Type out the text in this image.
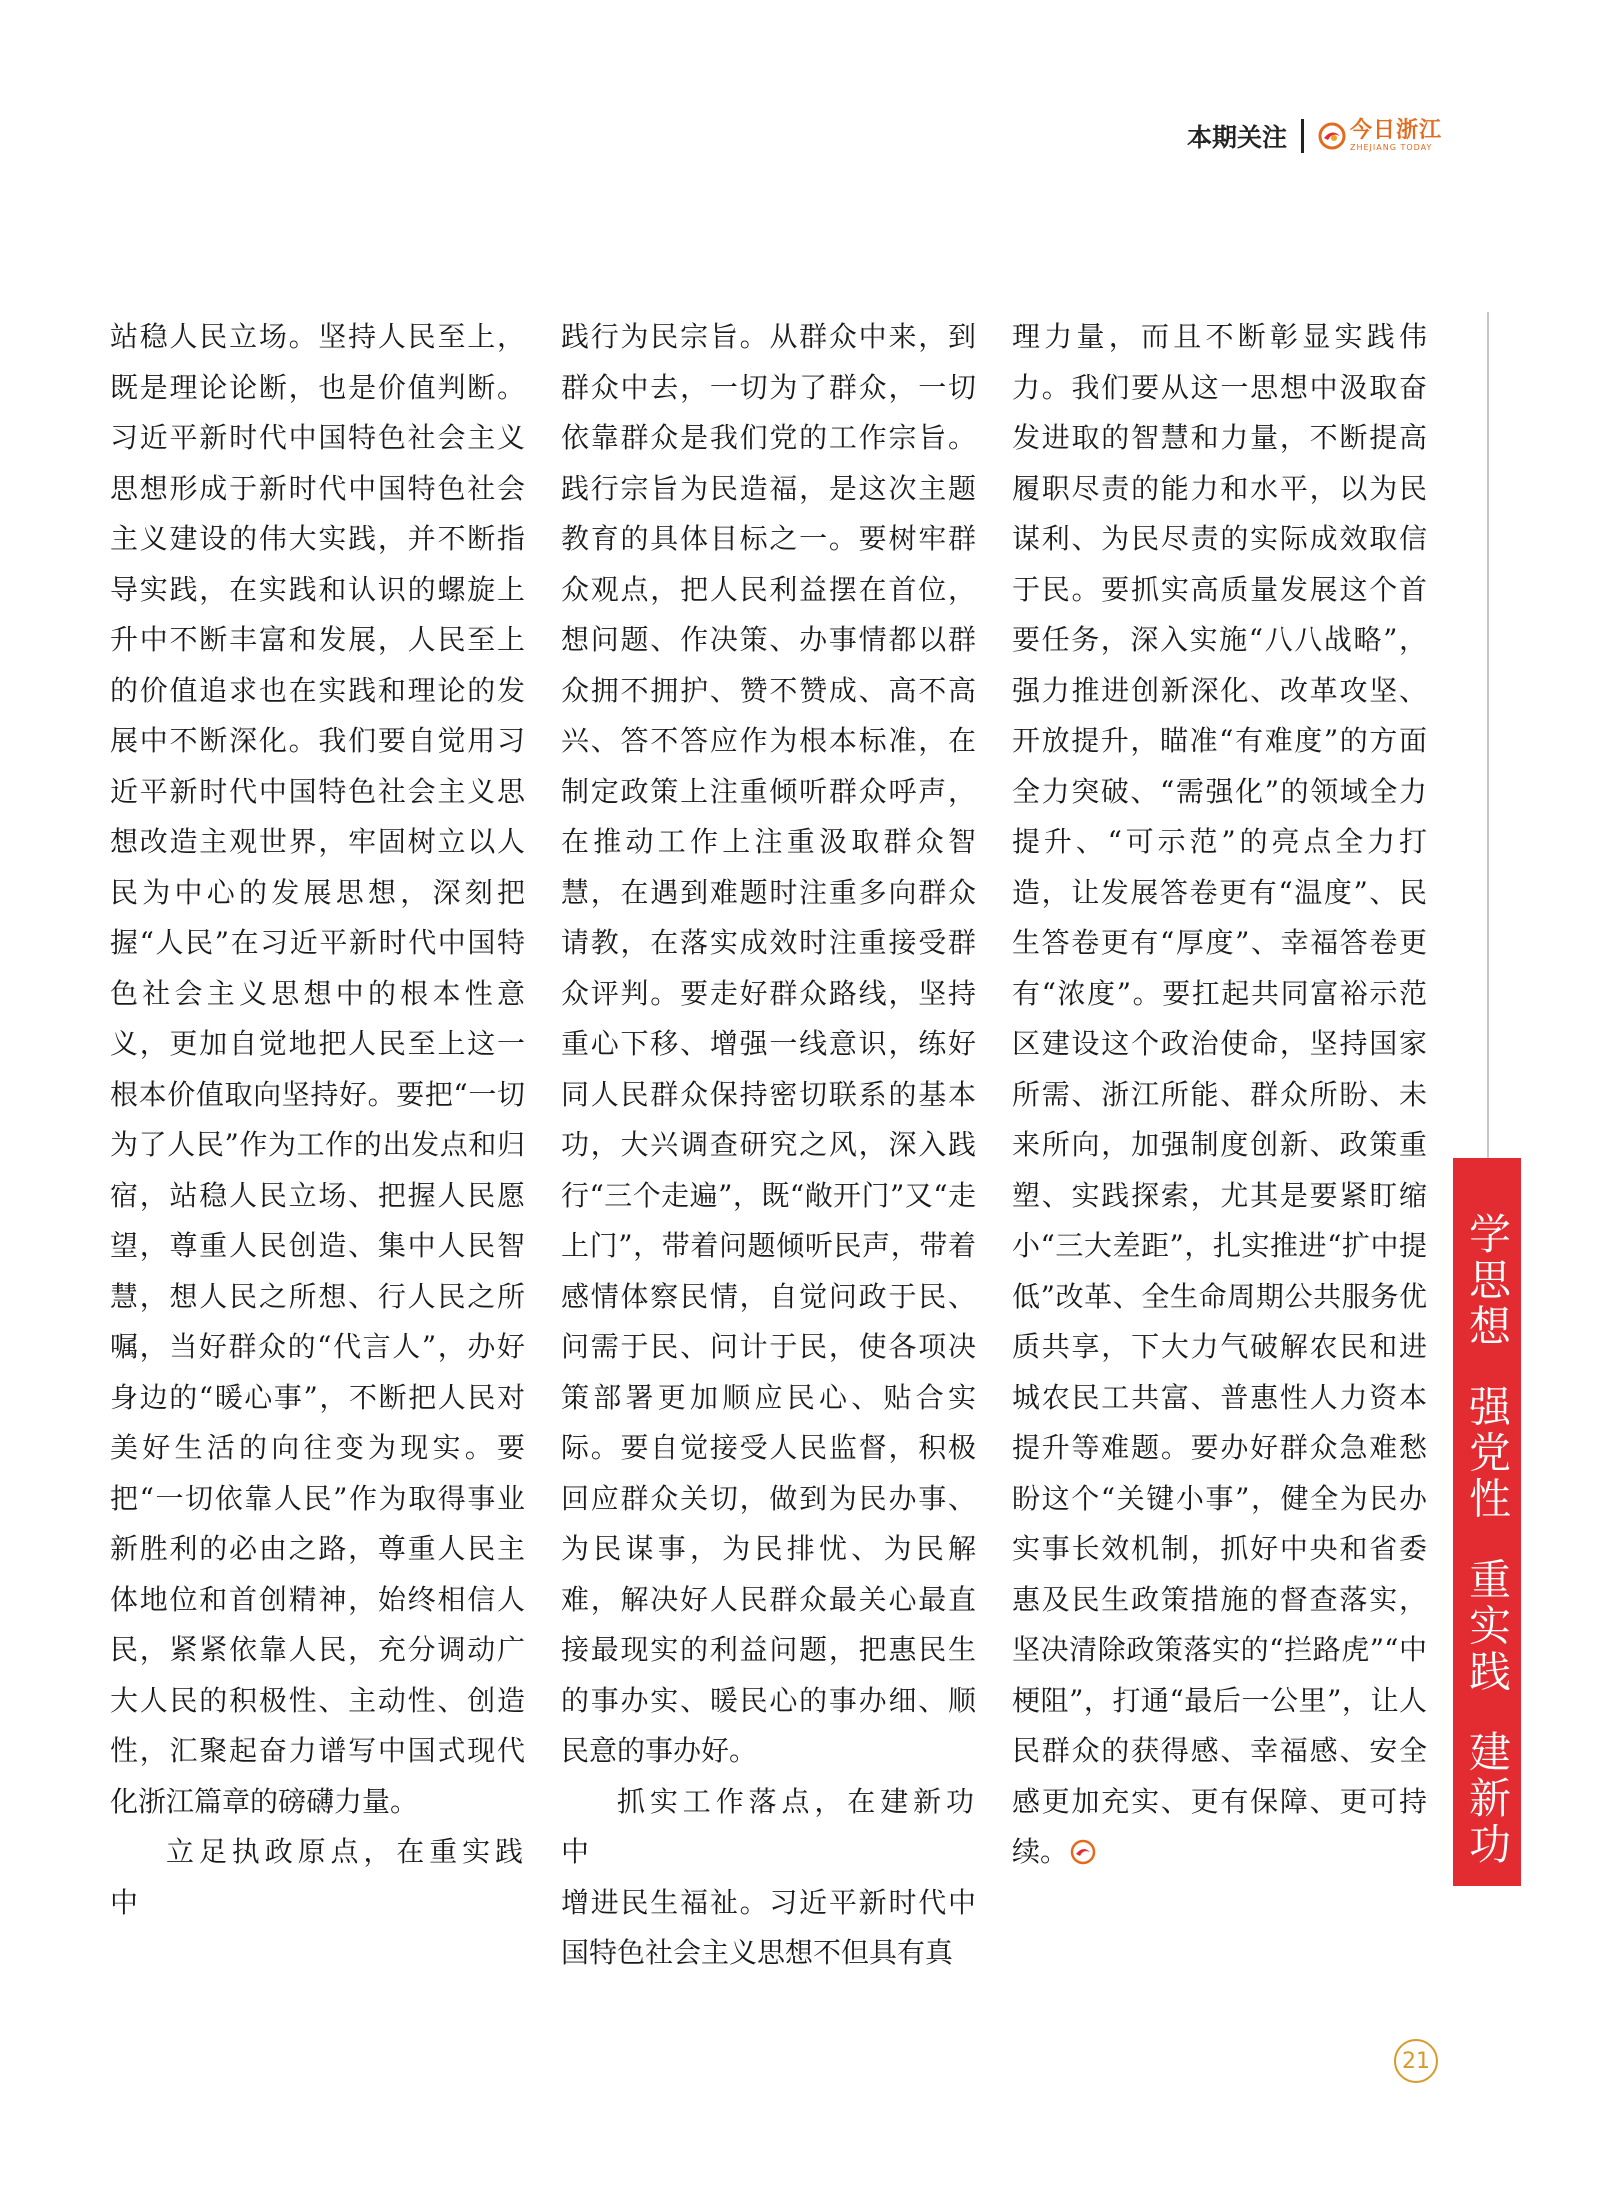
本期关注	今日浙江
ZHEJIANG TODAY

站稳人民立场。坚持人民至上，既是理论论断，也是价值判断。习近平新时代中国特色社会主义思想形成于新时代中国特色社会主义建设的伟大实践，并不断指导实践，在实践和认识的螺旋上升中不断丰富和发展，人民至上的价值追求也在实践和理论的发展中不断深化。我们要自觉用习近平新时代中国特色社会主义思想改造主观世界，牢固树立以人民为中心的发展思想，深刻把握“人民”在习近平新时代中国特色社会主义思想中的根本性意义，更加自觉地把人民至上这一根本价值取向坚持好。要把“一切为了人民”作为工作的出发点和归宿，站稳人民立场、把握人民愿望，尊重人民创造、集中人民智慧，想人民之所想、行人民之所嘱，当好群众的“代言人”，办好身边的“暖心事”，不断把人民对美好生活的向往变为现实。要把“一切依靠人民”作为取得事业新胜利的必由之路，尊重人民主体地位和首创精神，始终相信人民，紧紧依靠人民，充分调动广大人民的积极性、主动性、创造性，汇聚起奋力谱写中国式现代化浙江篇章的磅礴力量。

立足执政原点，在重实践中

践行为民宗旨。从群众中来，到群众中去，一切为了群众，一切依靠群众是我们党的工作宗旨。践行宗旨为民造福，是这次主题教育的具体目标之一。要树牢群众观点，把人民利益摆在首位，想问题、作决策、办事情都以群众拥不拥护、赞不赞成、高不高兴、答不答应作为根本标准，在制定政策上注重倾听群众呼声，在推动工作上注重汲取群众智慧，在遇到难题时注重多向群众请教，在落实成效时注重接受群众评判。要走好群众路线，坚持重心下移、增强一线意识，练好同人民群众保持密切联系的基本功，大兴调查研究之风，深入践行“三个走遍”，既“敞开门”又“走上门”，带着问题倾听民声，带着感情体察民情，自觉问政于民、问需于民、问计于民，使各项决策部署更加顺应民心、贴合实际。要自觉接受人民监督，积极回应群众关切，做到为民办事、为民谋事，为民排忧、为民解难，解决好人民群众最关心最直接最现实的利益问题，把惠民生的事办实、暖民心的事办细、顺民意的事办好。

抓实工作落点，在建新功中

增进民生福祉。习近平新时代中国特色社会主义思想不但具有真

理力量，而且不断彰显实践伟力。我们要从这一思想中汲取奋发进取的智慧和力量，不断提高履职尽责的能力和水平，以为民谋利、为民尽责的实际成效取信于民。要抓实高质量发展这个首要任务，深入实施“八八战略”，强力推进创新深化、改革攻坚、开放提升，瞄准“有难度”的方面全力突破、“需强化”的领域全力提升、“可示范”的亮点全力打造，让发展答卷更有“温度”、民生答卷更有“厚度”、幸福答卷更有“浓度”。要扛起共同富裕示范区建设这个政治使命，坚持国家所需、浙江所能、群众所盼、未来所向，加强制度创新、政策重塑、实践探索，尤其是要紧盯缩小“三大差距”，扎实推进“扩中提低”改革、全生命周期公共服务优质共享，下大力气破解农民和进城农民工共富、普惠性人力资本提升等难题。要办好群众急难愁盼这个“关键小事”，健全为民办实事长效机制，抓好中央和省委惠及民生政策措施的督查落实，坚决清除政策落实的“拦路虎”“中梗阻”，打通“最后一公里”，让人民群众的获得感、幸福感、安全感更加充实、更有保障、更可持续。	学思想  强党性  重实践  建新功
21
